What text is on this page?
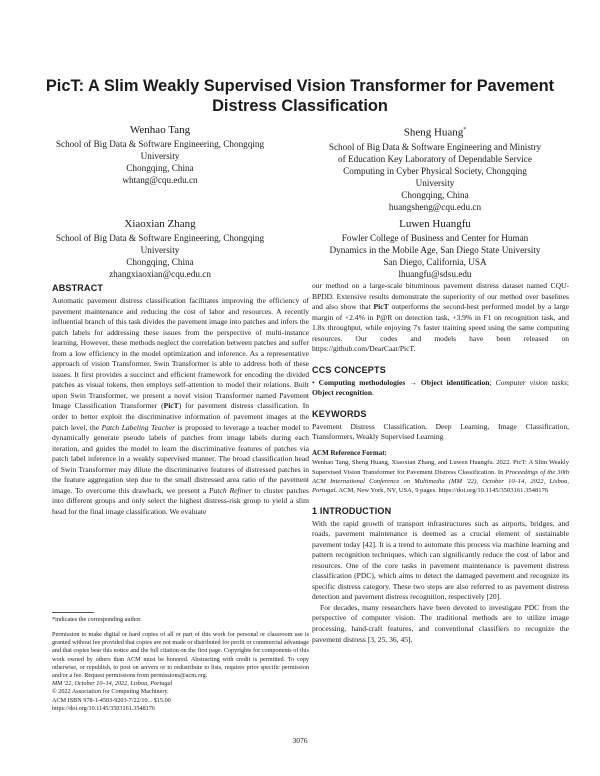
PicT: A Slim Weakly Supervised Vision Transformer for Pavement
Distress Classification
Wenhao Tang
School of Big Data & Software Engineering, Chongqing
University
Chongqing, China
whtang@cqu.edu.cn
Sheng Huang*
School of Big Data & Software Engineering and Ministry
of Education Key Laboratory of Dependable Service
Computing in Cyber Physical Society, Chongqing
University
Chongqing, China
huangsheng@cqu.edu.cn
Xiaoxian Zhang
School of Big Data & Software Engineering, Chongqing
University
Chongqing, China
zhangxiaoxian@cqu.edu.cn
Luwen Huangfu
Fowler College of Business and Center for Human
Dynamics in the Mobile Age, San Diego State University
San Diego, California, USA
lhuangfu@sdsu.edu

ABSTRACT

Automatic pavement distress classification facilitates improving the efficiency of pavement maintenance and reducing the cost of labor and resources. A recently influential branch of this task divides the pavement image into patches and infers the patch labels for addressing these issues from the perspective of multi-instance learning. However, these methods neglect the correlation between patches and suffer from a low efficiency in the model optimization and inference. As a representative approach of vision Transformer, Swin Transformer is able to address both of these issues. It first provides a succinct and efficient framework for encoding the divided patches as visual tokens, then employs self-attention to model their relations. Built upon Swin Transformer, we present a novel vision Transformer named Pavement Image Classification Transformer (PicT) for pavement distress classification. In order to better exploit the discriminative information of pavement images at the patch level, the Patch Labeling Teacher is proposed to leverage a teacher model to dynamically generate pseudo labels of patches from image labels during each iteration, and guides the model to learn the discriminative features of patches via patch label inference in a weakly supervised manner. The broad classification head of Swin Transformer may dilute the discriminative features of distressed patches in the feature aggregation step due to the small distressed area ratio of the pavement image. To overcome this drawback, we present a Patch Refiner to cluster patches into different groups and only select the highest distress-risk group to yield a slim head for the final image classification. We evaluate

*indicates the corresponding author.

Permission to make digital or hard copies of all or part of this work for personal or classroom use is granted without fee provided that copies are not made or distributed for profit or commercial advantage and that copies bear this notice and the full citation on the first page. Copyrights for components of this work owned by others than ACM must be honored. Abstracting with credit is permitted. To copy otherwise, or republish, to post on servers or to redistribute to lists, requires prior specific permission and/or a fee. Request permissions from permissions@acm.org.

MM '22, October 10–14, 2022, Lisboa, Portugal

© 2022 Association for Computing Machinery.

ACM ISBN 978-1-4503-9203-7/22/10... $15.00

https://doi.org/10.1145/3503161.3548176

our method on a large-scale bituminous pavement distress dataset named CQU-BPDD. Extensive results demonstrate the superiority of our method over baselines and also show that PicT outperforms the second-best performed model by a large margin of +2.4% in P@R on detection task, +3.9% in F1 on recognition task, and 1.8x throughput, while enjoying 7x faster training speed using the same computing resources. Our codes and models have been released on https://github.com/DearCaat/PicT.

CCS CONCEPTS

• Computing methodologies → Object identification; Computer vision tasks; Object recognition.

KEYWORDS

Pavement Distress Classification, Deep Learning, Image Classification, Transformers, Weakly Supervised Learning

ACM Reference Format:

Wenhao Tang, Sheng Huang, Xiaoxian Zhang, and Luwen Huangfu. 2022. PicT: A Slim Weakly Supervised Vision Transformer for Pavement Distress Classification. In Proceedings of the 30th ACM International Conference on Multimedia (MM '22), October 10–14, 2022, Lisboa, Portugal. ACM, New York, NY, USA, 9 pages. https://doi.org/10.1145/3503161.3548176

1 INTRODUCTION

With the rapid growth of transport infrastructures such as airports, bridges, and roads, pavement maintenance is deemed as a crucial element of sustainable pavement today [42]. It is a trend to automate this process via machine learning and pattern recognition techniques, which can significantly reduce the cost of labor and resources. One of the core tasks in pavement maintenance is pavement distress classification (PDC), which aims to detect the damaged pavement and recognize its specific distress category. These two steps are also referred to as pavement distress detection and pavement distress recognition, respectively [20].

For decades, many researchers have been devoted to investigate PDC from the perspective of computer vision. The traditional methods are to utilize image processing, hand-craft features, and conventional classifiers to recognize the pavement distress [3, 25, 36, 45].

3076
